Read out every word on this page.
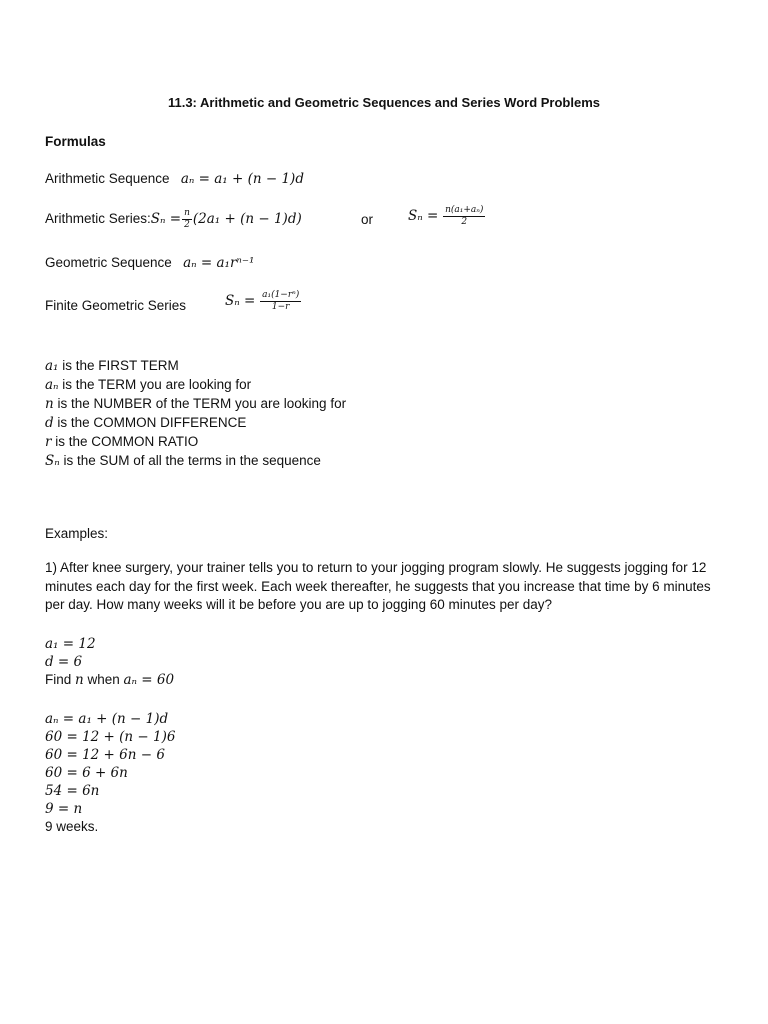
11.3: Arithmetic and Geometric Sequences and Series Word Problems
Formulas
Arithmetic Sequence aₙ = a₁ + (n − 1)d
Arithmetic Series:Sₙ = $\frac{n}{2} (2a_1 + (n - 1)d)$	or	$S_n = \frac{\text{n(a₁+aₙ)}}{2}$
Geometric Sequence aₙ = a₁rⁿ⁻¹
Finite Geometric Series	$S_n = \frac{\text{a₁(1−rⁿ)}}{1-r}$
a₁ is the FIRST TERM
aₙ is the TERM you are looking for
n is the NUMBER of the TERM you are looking for
d is the COMMON DIFFERENCE
r is the COMMON RATIO
Sₙ is the SUM of all the terms in the sequence
Examples:
1) After knee surgery, your trainer tells you to return to your jogging program slowly. He suggests jogging for 12 minutes each day for the first week. Each week thereafter, he suggests that you increase that time by 6 minutes per day. How many weeks will it be before you are up to jogging 60 minutes per day?
a₁ = 12
d = 6
Find n when aₙ = 60
aₙ = a₁ + (n − 1)d
60 = 12 + (n − 1)6
60 = 12 + 6n − 6
60 = 6 + 6n
54 = 6n
9 = n
9 weeks.
